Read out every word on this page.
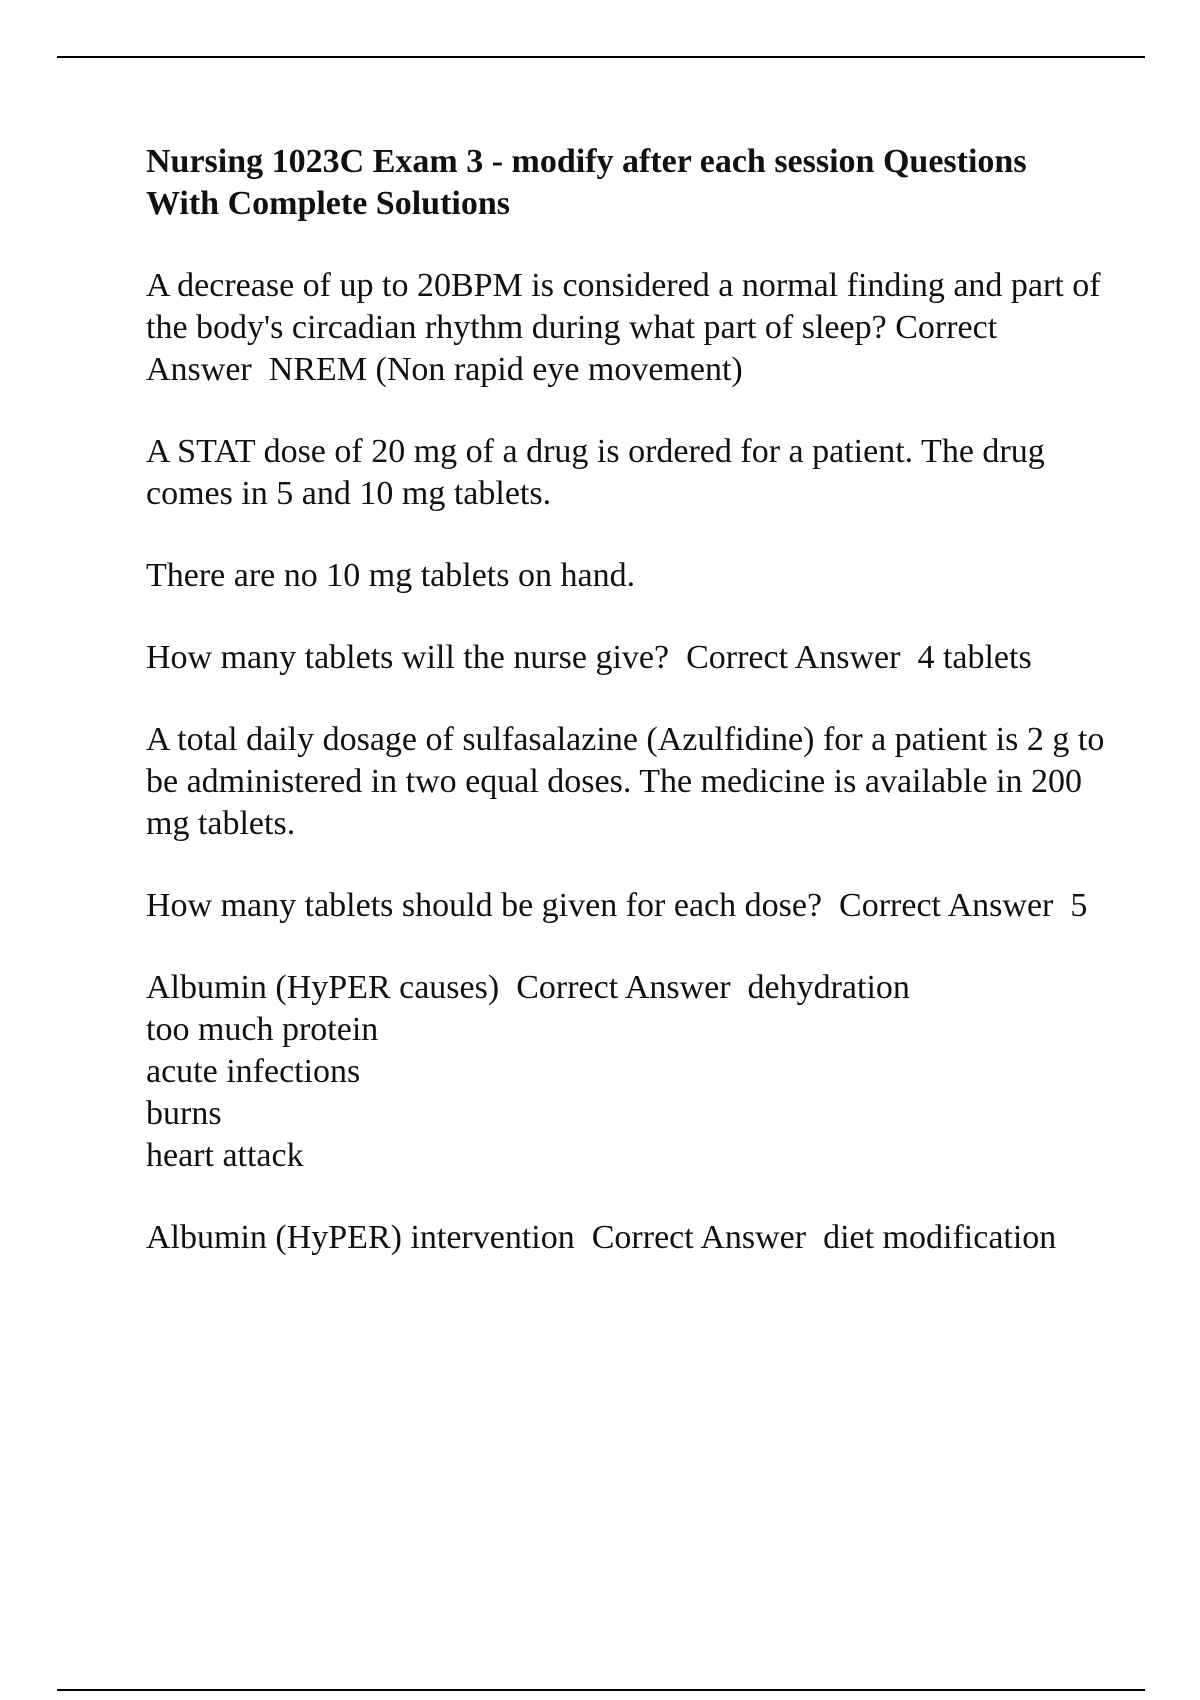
Nursing 1023C Exam 3 - modify after each session Questions With Complete Solutions
A decrease of up to 20BPM is considered a normal finding and part of the body's circadian rhythm during what part of sleep? Correct Answer NREM (Non rapid eye movement)
A STAT dose of 20 mg of a drug is ordered for a patient. The drug comes in 5 and 10 mg tablets.
There are no 10 mg tablets on hand.
How many tablets will the nurse give? Correct Answer 4 tablets
A total daily dosage of sulfasalazine (Azulfidine) for a patient is 2 g to be administered in two equal doses. The medicine is available in 200 mg tablets.
How many tablets should be given for each dose? Correct Answer 5
Albumin (HyPER causes) Correct Answer dehydration
too much protein
acute infections
burns
heart attack
Albumin (HyPER) intervention Correct Answer diet modification
